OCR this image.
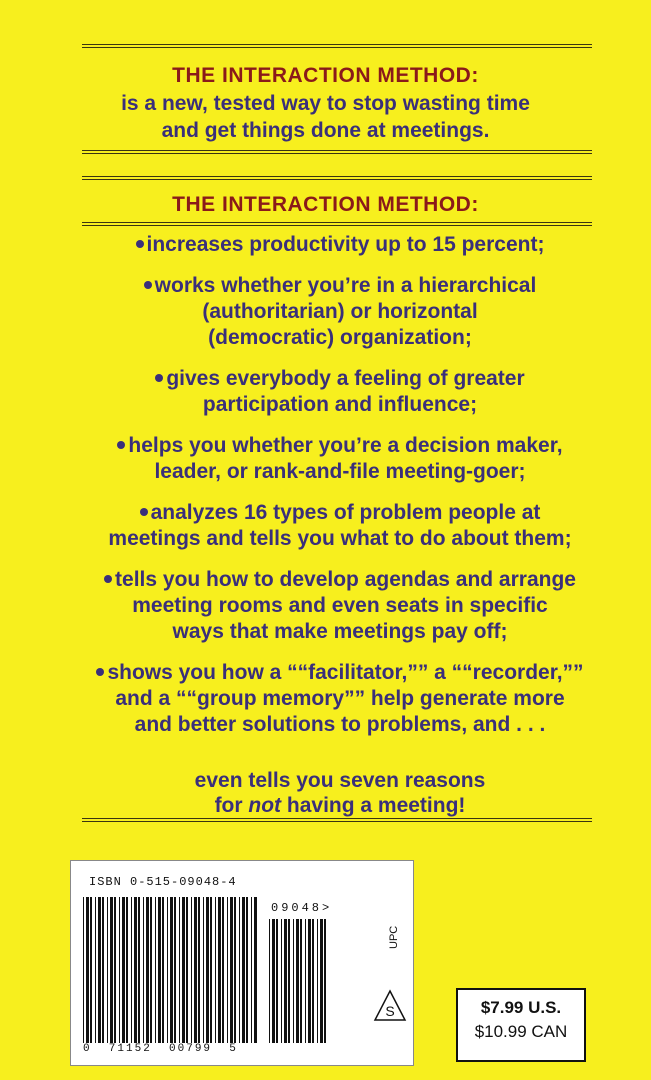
THE INTERACTION METHOD:
is a new, tested way to stop wasting time
and get things done at meetings.
THE INTERACTION METHOD:
increases productivity up to 15 percent;
works whether you’re in a hierarchical
(authoritarian) or horizontal
(democratic) organization;
gives everybody a feeling of greater
participation and influence;
helps you whether you’re a decision maker,
leader, or rank-and-file meeting-goer;
analyzes 16 types of problem people at
meetings and tells you what to do about them;
tells you how to develop agendas and arrange
meeting rooms and even seats in specific
ways that make meetings pay off;
shows you how a ““facilitator,”” a ““recorder,””
and a ““group memory”” help generate more
and better solutions to problems, and . . .
even tells you seven reasons
for not having a meeting!
ISBN 0-515-09048-4
09048>
UPC
S
0  71152  00799  5
$7.99 U.S.
$10.99 CAN
